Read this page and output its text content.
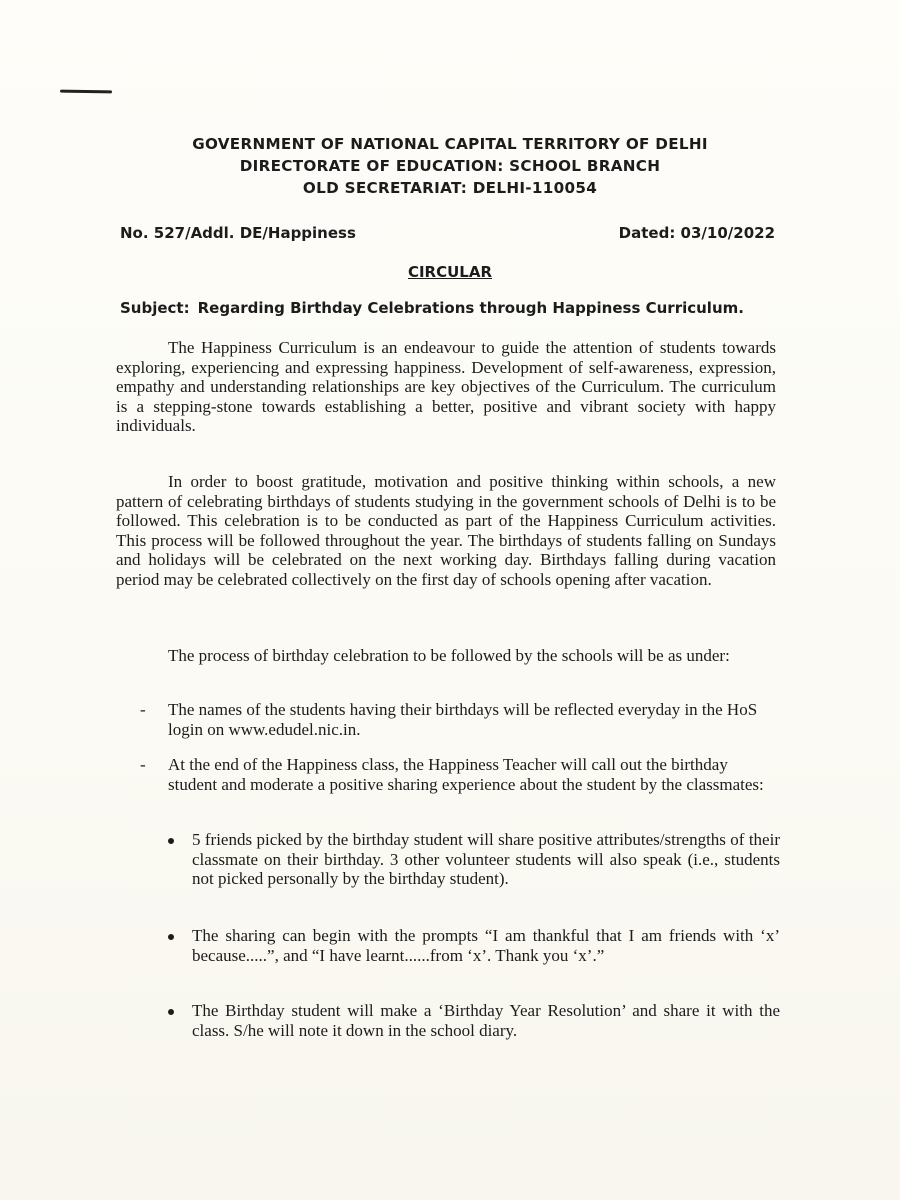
GOVERNMENT OF NATIONAL CAPITAL TERRITORY OF DELHI
DIRECTORATE OF EDUCATION: SCHOOL BRANCH
OLD SECRETARIAT: DELHI-110054
No. 527/Addl. DE/Happiness	Dated: 03/10/2022
CIRCULAR
Subject: Regarding Birthday Celebrations through Happiness Curriculum.

The Happiness Curriculum is an endeavour to guide the attention of students towards exploring, experiencing and expressing happiness. Development of self-awareness, expression, empathy and understanding relationships are key objectives of the Curriculum. The curriculum is a stepping-stone towards establishing a better, positive and vibrant society with happy individuals.

In order to boost gratitude, motivation and positive thinking within schools, a new pattern of celebrating birthdays of students studying in the government schools of Delhi is to be followed. This celebration is to be conducted as part of the Happiness Curriculum activities. This process will be followed throughout the year. The birthdays of students falling on Sundays and holidays will be celebrated on the next working day. Birthdays falling during vacation period may be celebrated collectively on the first day of schools opening after vacation.

The process of birthday celebration to be followed by the schools will be as under:

-	The names of the students having their birthdays will be reflected everyday in the HoS login on www.edudel.nic.in.
-	At the end of the Happiness class, the Happiness Teacher will call out the birthday student and moderate a positive sharing experience about the student by the classmates:
5 friends picked by the birthday student will share positive attributes/strengths of their classmate on their birthday. 3 other volunteer students will also speak (i.e., students not picked personally by the birthday student).
The sharing can begin with the prompts “I am thankful that I am friends with ‘x’ because.....”, and “I have learnt......from ‘x’. Thank you ‘x’.”
The Birthday student will make a ‘Birthday Year Resolution’ and share it with the class. S/he will note it down in the school diary.
